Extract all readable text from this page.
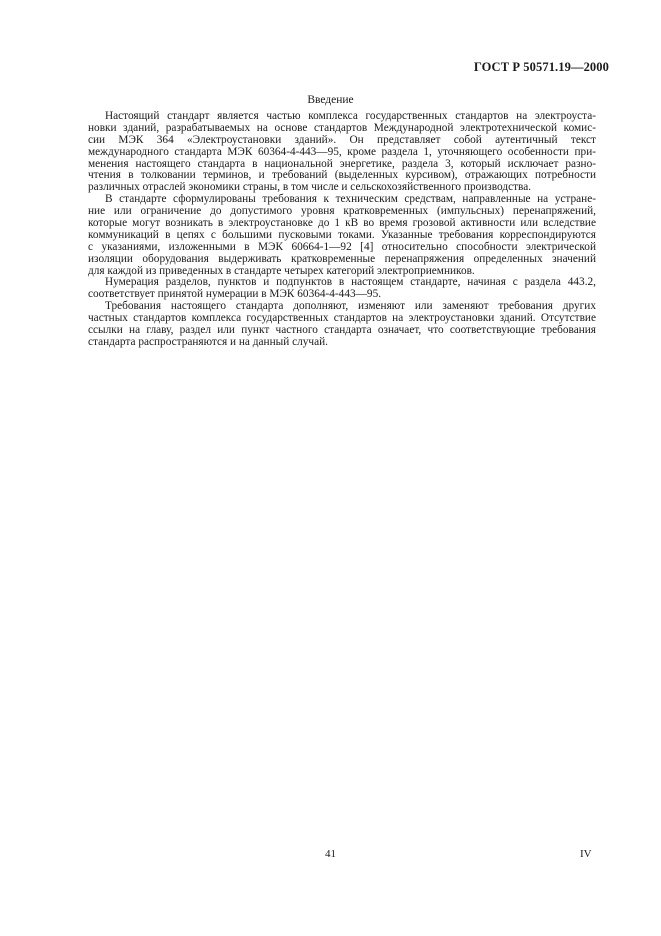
ГОСТ Р 50571.19—2000
Введение
Настоящий стандарт является частью комплекса государственных стандартов на электроуста-
новки зданий, разрабатываемых на основе стандартов Международной электротехнической комис-
сии МЭК 364 «Электроустановки зданий». Он представляет собой аутентичный текст
международного стандарта МЭК 60364-4-443—95, кроме раздела 1, уточняющего особенности при-
менения настоящего стандарта в национальной энергетике, раздела 3, который исключает разно-
чтения в толковании терминов, и требований (выделенных курсивом), отражающих потребности
различных отраслей экономики страны, в том числе и сельскохозяйственного производства.
В стандарте сформулированы требования к техническим средствам, направленные на устране-
ние или ограничение до допустимого уровня кратковременных (импульсных) перенапряжений,
которые могут возникать в электроустановке до 1 кВ во время грозовой активности или вследствие
коммуникаций в цепях с большими пусковыми токами. Указанные требования корреспондируются
с указаниями, изложенными в МЭК 60664-1—92 [4] относительно способности электрической
изоляции оборудования выдерживать кратковременные перенапряжения определенных значений
для каждой из приведенных в стандарте четырех категорий электроприемников.
Нумерация разделов, пунктов и подпунктов в настоящем стандарте, начиная с раздела 443.2,
соответствует принятой нумерации в МЭК 60364-4-443—95.
Требования настоящего стандарта дополняют, изменяют или заменяют требования других
частных стандартов комплекса государственных стандартов на электроустановки зданий. Отсутствие
ссылки на главу, раздел или пункт частного стандарта означает, что соответствующие требования
стандарта распространяются и на данный случай.
41	IV
